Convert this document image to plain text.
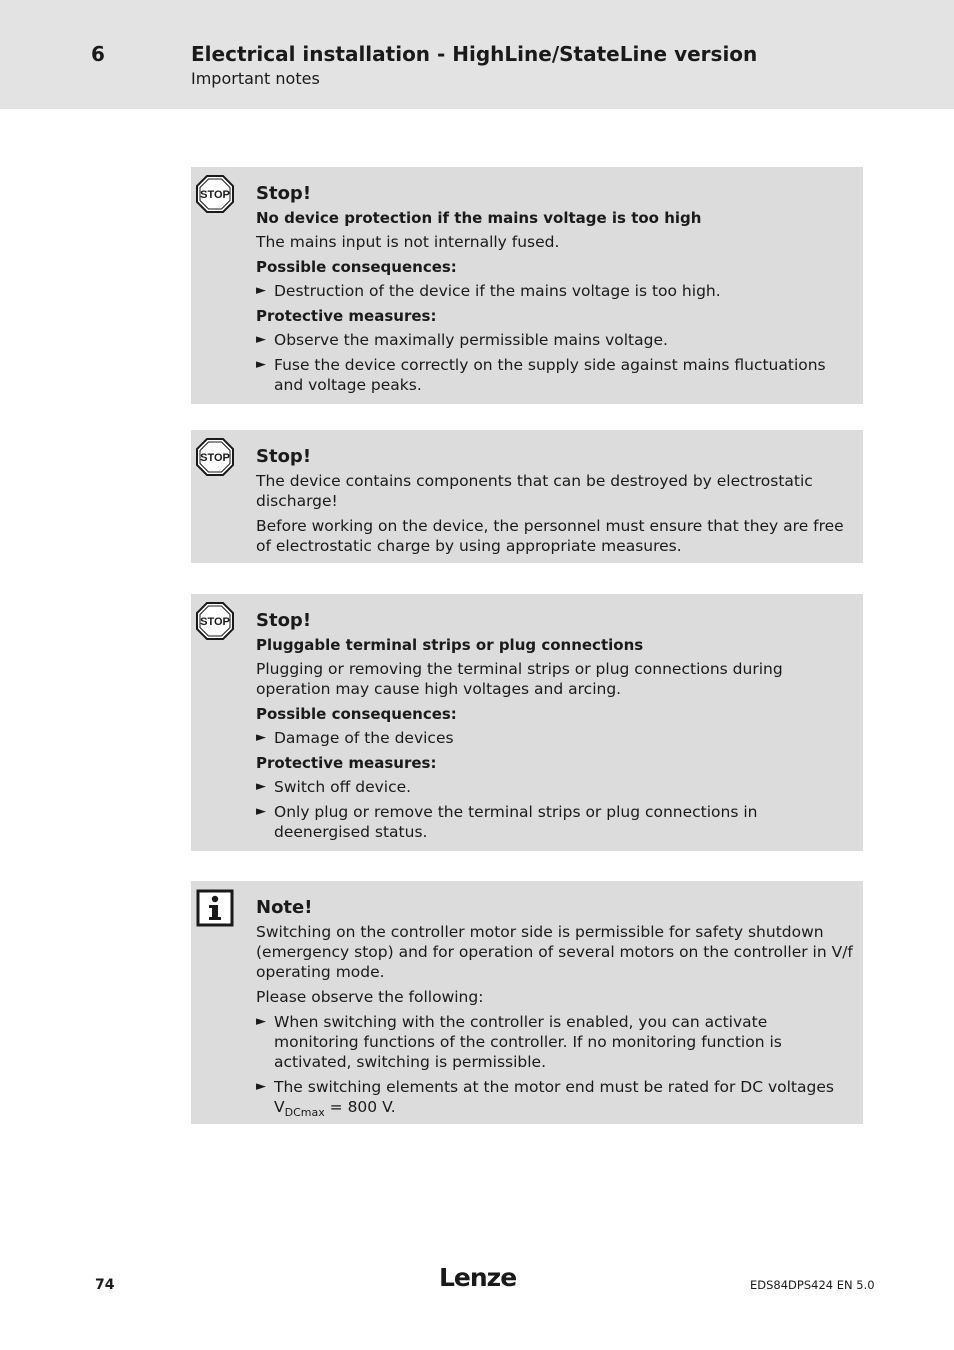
6	Electrical installation - HighLine/StateLine version
Important notes
STOP Stop!
No device protection if the mains voltage is too high
The mains input is not internally fused.
Possible consequences:
► Destruction of the device if the mains voltage is too high.
Protective measures:
► Observe the maximally permissible mains voltage.
► Fuse the device correctly on the supply side against mains fluctuations and voltage peaks.
STOP Stop!
The device contains components that can be destroyed by electrostatic discharge!
Before working on the device, the personnel must ensure that they are free of electrostatic charge by using appropriate measures.
STOP Stop!
Pluggable terminal strips or plug connections
Plugging or removing the terminal strips or plug connections during operation may cause high voltages and arcing.
Possible consequences:
► Damage of the devices
Protective measures:
► Switch off device.
► Only plug or remove the terminal strips or plug connections in deenergised status.
Note!
Switching on the controller motor side is permissible for safety shutdown (emergency stop) and for operation of several motors on the controller in V/f operating mode.
Please observe the following:
► When switching with the controller is enabled, you can activate monitoring functions of the controller. If no monitoring function is activated, switching is permissible.
► The switching elements at the motor end must be rated for DC voltages
$V_{DCmax} = 800$ V.
74	Lenze	EDS84DPS424 EN 5.0
